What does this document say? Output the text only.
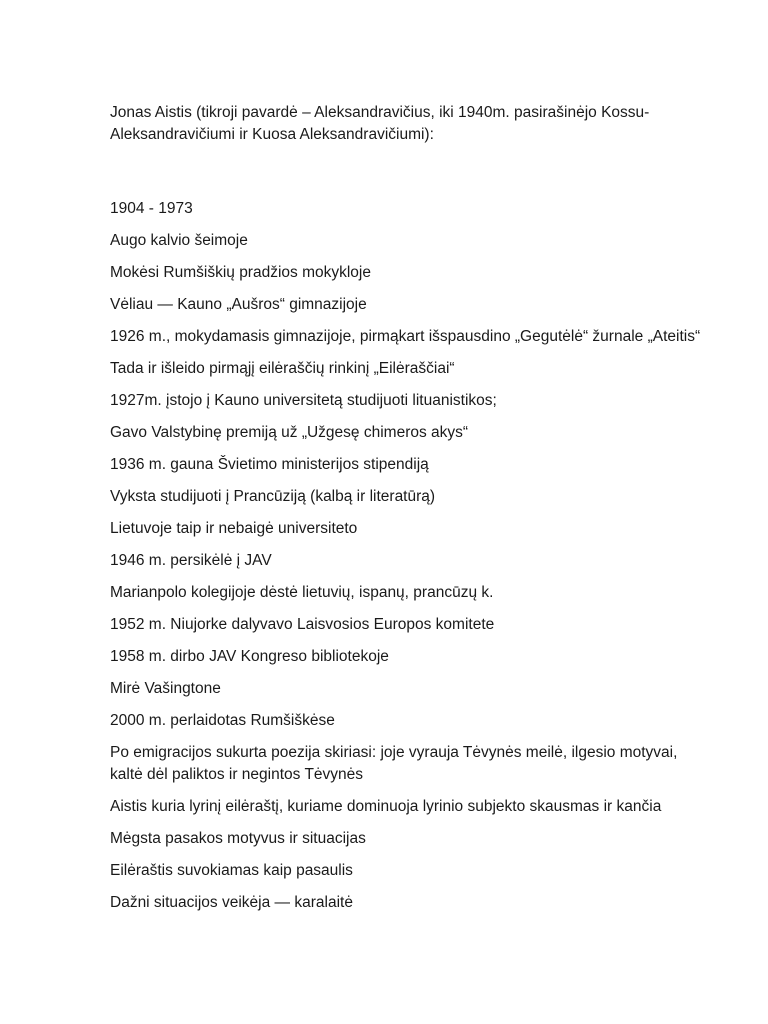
Jonas Aistis (tikroji pavardė – Aleksandravičius, iki 1940m. pasirašinėjo Kossu-Aleksandravičiumi ir Kuosa Aleksandravičiumi):

1904 - 1973

Augo kalvio šeimoje

Mokėsi Rumšiškių pradžios mokykloje

Vėliau — Kauno „Aušros“ gimnazijoje

1926 m., mokydamasis gimnazijoje, pirmąkart išspausdino „Gegutėlė“ žurnale „Ateitis“

Tada ir išleido pirmąjį eilėraščių rinkinį „Eilėraščiai“

1927m. įstojo į Kauno universitetą studijuoti lituanistikos;

Gavo Valstybinę premiją už „Užgesę chimeros akys“

1936 m. gauna Švietimo ministerijos stipendiją

Vyksta studijuoti į Prancūziją (kalbą ir literatūrą)

Lietuvoje taip ir nebaigė universiteto

1946 m. persikėlė į JAV

Marianpolo kolegijoje dėstė lietuvių, ispanų, prancūzų k.

1952 m. Niujorke dalyvavo Laisvosios Europos komitete

1958 m. dirbo JAV Kongreso bibliotekoje

Mirė Vašingtone

2000 m. perlaidotas Rumšiškėse

Po emigracijos sukurta poezija skiriasi: joje vyrauja Tėvynės meilė, ilgesio motyvai, kaltė dėl paliktos ir negintos Tėvynės

Aistis kuria lyrinį eilėraštį, kuriame dominuoja lyrinio subjekto skausmas ir kančia

Mėgsta pasakos motyvus ir situacijas

Eilėraštis suvokiamas kaip pasaulis

Dažni situacijos veikėja — karalaitė
